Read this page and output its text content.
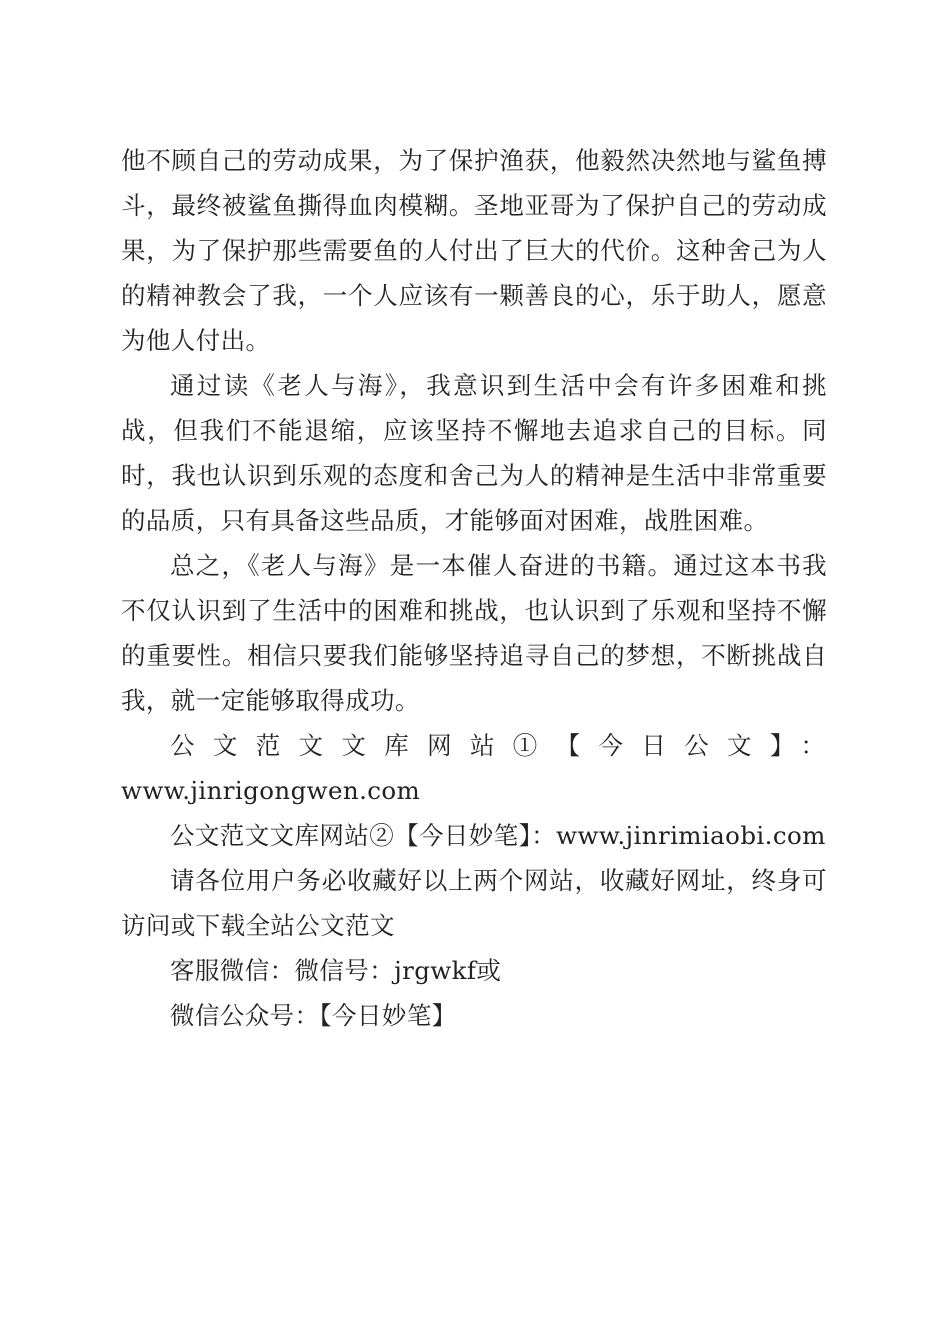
他不顾自己的劳动成果，为了保护渔获，他毅然决然地与鲨鱼搏斗，最终被鲨鱼撕得血肉模糊。圣地亚哥为了保护自己的劳动成果，为了保护那些需要鱼的人付出了巨大的代价。这种舍己为人的精神教会了我，一个人应该有一颗善良的心，乐于助人，愿意为他人付出。

通过读《老人与海》，我意识到生活中会有许多困难和挑战，但我们不能退缩，应该坚持不懈地去追求自己的目标。同时，我也认识到乐观的态度和舍己为人的精神是生活中非常重要的品质，只有具备这些品质，才能够面对困难，战胜困难。

总之，《老人与海》是一本催人奋进的书籍。通过这本书我不仅认识到了生活中的困难和挑战，也认识到了乐观和坚持不懈的重要性。相信只要我们能够坚持追寻自己的梦想，不断挑战自我，就一定能够取得成功。

公文范文文库网站①【今日公文】：

www.jinrigongwen.com

公文范文文库网站②【今日妙笔】：www.jinrimiaobi.com

请各位用户务必收藏好以上两个网站，收藏好网址，终身可访问或下载全站公文范文

客服微信：微信号：jrgwkf或

微信公众号：【今日妙笔】
